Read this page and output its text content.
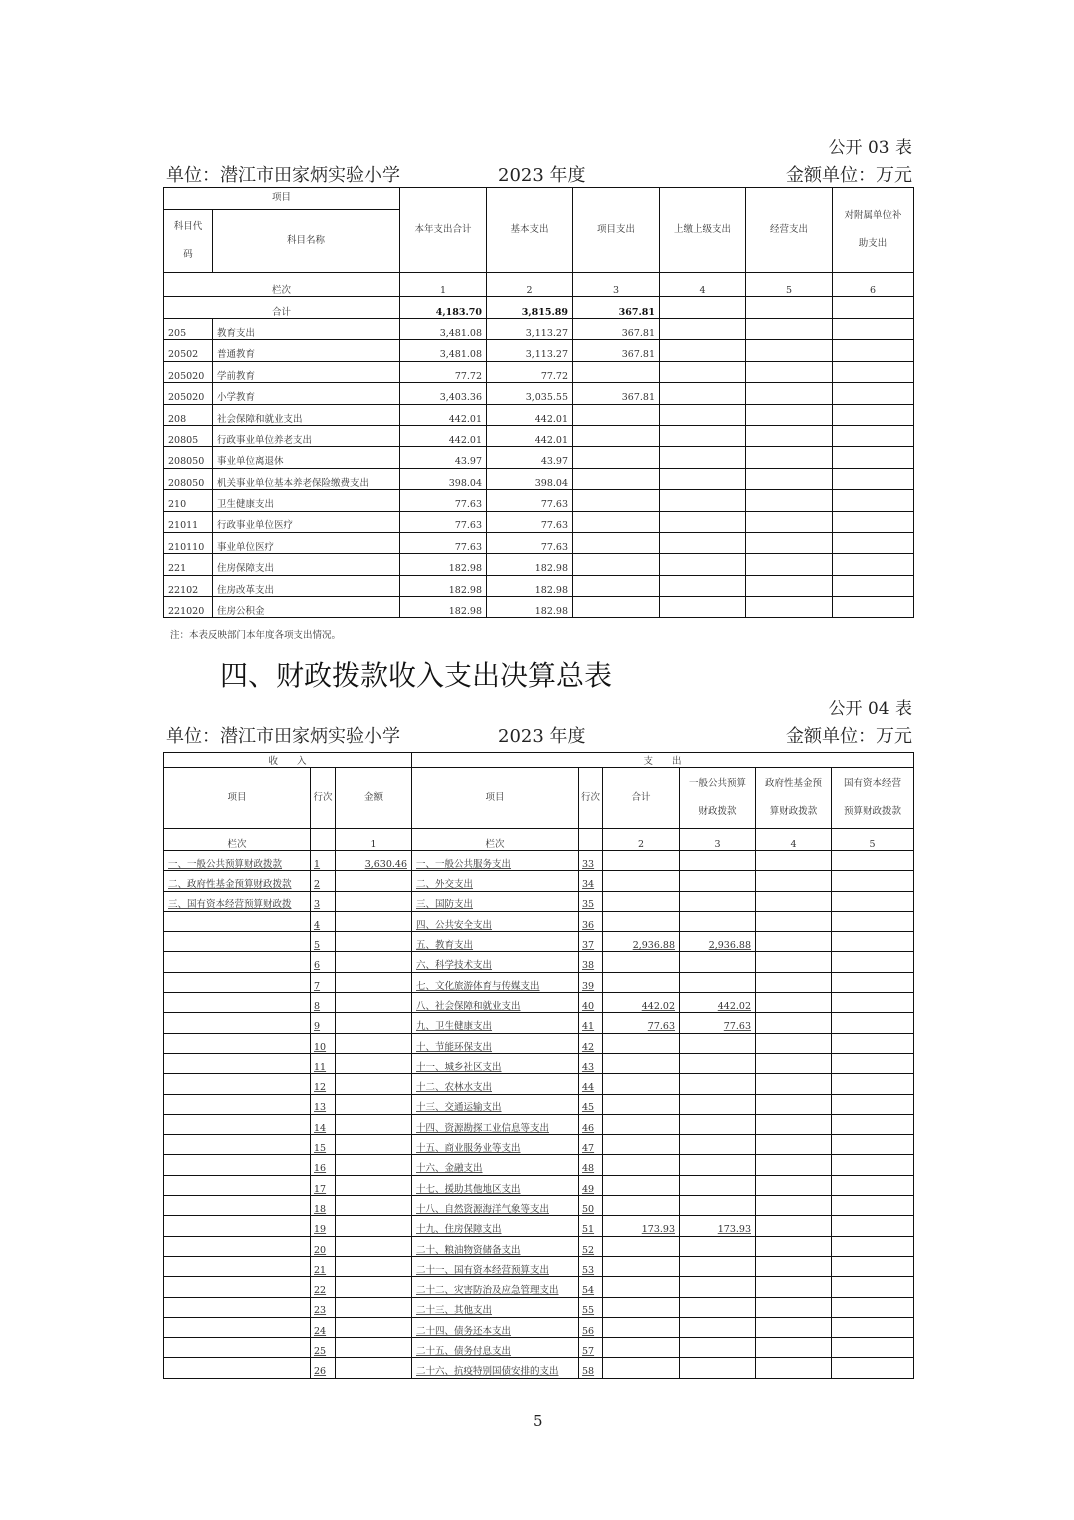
公开 03 表
单位：潜江市田家炳实验小学	2023 年度	金额单位：万元
项目		本年支出合计	基本支出	项目支出	上缴上级支出	经营支出	对附属单位补助支出
科目代码	科目名称						
栏次		1	2	3	4	5	6
合计		4,183.70	3,815.89	367.81			
205	教育支出	3,481.08	3,113.27	367.81			
20502	普通教育	3,481.08	3,113.27	367.81			
205020	学前教育	77.72	77.72				
205020	小学教育	3,403.36	3,035.55	367.81			
208	社会保障和就业支出	442.01	442.01				
20805	行政事业单位养老支出	442.01	442.01				
208050	事业单位离退休	43.97	43.97				
208050	机关事业单位基本养老保险缴费支出	398.04	398.04				
210	卫生健康支出	77.63	77.63				
21011	行政事业单位医疗	77.63	77.63				
210110	事业单位医疗	77.63	77.63				
221	住房保障支出	182.98	182.98				
22102	住房改革支出	182.98	182.98				
221020	住房公积金	182.98	182.98				
注：本表反映部门本年度各项支出情况。
四、财政拨款收入支出决算总表
公开 04 表
单位：潜江市田家炳实验小学	2023 年度	金额单位：万元
收　　入			支　　出					
项目	行次	金额	项目	行次	合计	一般公共预算财政拨款	政府性基金预算财政拨款	国有资本经营预算财政拨款
栏次		1	栏次		2	3	4	5
一、一般公共预算财政拨款	1	3,630.46	一、一般公共服务支出	33				
二、政府性基金预算财政拨款	2		二、外交支出	34				
三、国有资本经营预算财政拨	3		三、国防支出	35				
	4		四、公共安全支出	36				
	5		五、教育支出	37	2,936.88	2,936.88		
	6		六、科学技术支出	38				
	7		七、文化旅游体育与传媒支出	39				
	8		八、社会保障和就业支出	40	442.02	442.02		
	9		九、卫生健康支出	41	77.63	77.63		
	10		十、节能环保支出	42				
	11		十一、城乡社区支出	43				
	12		十二、农林水支出	44				
	13		十三、交通运输支出	45				
	14		十四、资源勘探工业信息等支出	46				
	15		十五、商业服务业等支出	47				
	16		十六、金融支出	48				
	17		十七、援助其他地区支出	49				
	18		十八、自然资源海洋气象等支出	50				
	19		十九、住房保障支出	51	173.93	173.93		
	20		二十、粮油物资储备支出	52				
	21		二十一、国有资本经营预算支出	53				
	22		二十二、灾害防治及应急管理支出	54				
	23		二十三、其他支出	55				
	24		二十四、债务还本支出	56				
	25		二十五、债务付息支出	57				
	26		二十六、抗疫特别国债安排的支出	58				
5
